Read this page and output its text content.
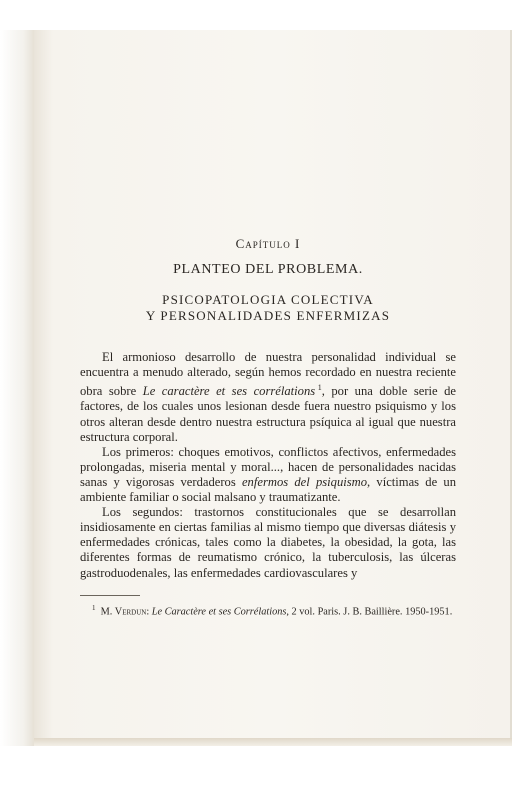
Capítulo I
PLANTEO DEL PROBLEMA.
PSICOPATOLOGIA COLECTIVA
Y PERSONALIDADES ENFERMIZAS

El armonioso desarrollo de nuestra personalidad individual se encuentra a menudo alterado, según hemos recordado en nuestra reciente obra sobre Le caractère et ses corrélations  $^1$, por una doble serie de factores, de los cuales unos lesionan desde fuera nuestro psiquismo y los otros alteran desde dentro nuestra estructura psíquica al igual que nuestra estructura corporal.

Los primeros: choques emotivos, conflictos afectivos, enfermedades prolongadas, miseria mental y moral..., hacen de personalidades nacidas sanas y vigorosas verdaderos enfermos del psiquismo, víctimas de un ambiente familiar o social malsano y traumatizante.

Los segundos: trastornos constitucionales que se desarrollan insidiosamente en ciertas familias al mismo tiempo que diversas diátesis y enfermedades crónicas, tales como la diabetes, la obesidad, la gota, las diferentes formas de reumatismo crónico, la tuberculosis, las úlceras gastroduodenales, las enfermedades cardiovasculares y

$^1$ M. Verdun: Le Caractère et ses Corrélations, 2 vol. Paris. J. B. Baillière. 1950-1951.
